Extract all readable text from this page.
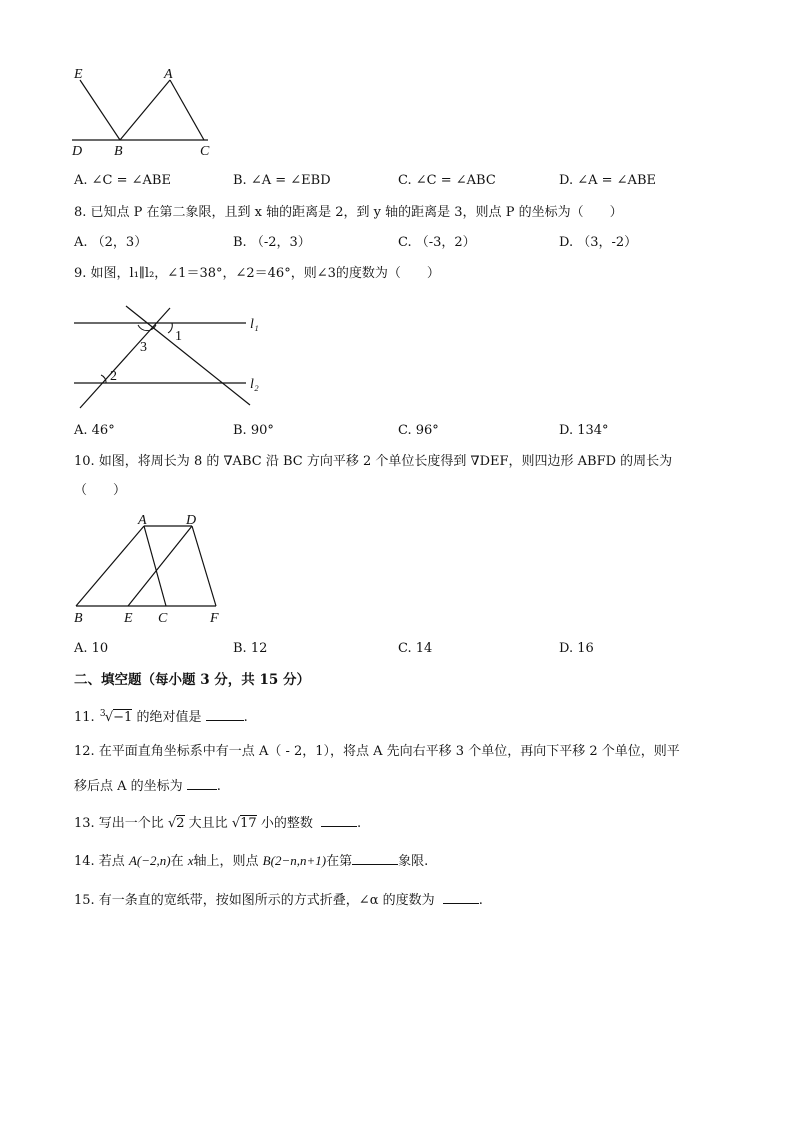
E	A
D B	C
A. ∠C = ∠ABE	B. ∠A = ∠EBD	C. ∠C = ∠ABC	D. ∠A = ∠ABE
8. 已知点 P 在第二象限，且到 x 轴的距离是 2，到 y 轴的距离是 3，则点 P 的坐标为（　　）
A. （2，3）	B. （-2，3）	C. （-3，2）	D. （3，-2）
9. 如图，l₁∥l₂，∠1＝38°，∠2＝46°，则∠3的度数为（　　）
l₁
l₂
1
3
2
A. 46°	B. 90°	C. 96°	D. 134°
10. 如图，将周长为 8 的 ∇ABC 沿 BC 方向平移 2 个单位长度得到 ∇DEF，则四边形 ABFD 的周长为
（　　）
A	D
B	E C	F
A. 10	B. 12	C. 14	D. 16
二、填空题（每小题 3 分，共 15 分）
11. 3 √−1 的绝对值是	.
12. 在平面直角坐标系中有一点 A（ - 2，1），将点 A 先向右平移 3 个单位，再向下平移 2 个单位，则平
移后点 A 的坐标为	.
13. 写出一个比 √2 大且比 √17 小的整数	.
14. 若点 A(−2,n)在 x轴上，则点 B(2−n,n+1)在第	象限.
15. 有一条直的宽纸带，按如图所示的方式折叠，∠α 的度数为	.
